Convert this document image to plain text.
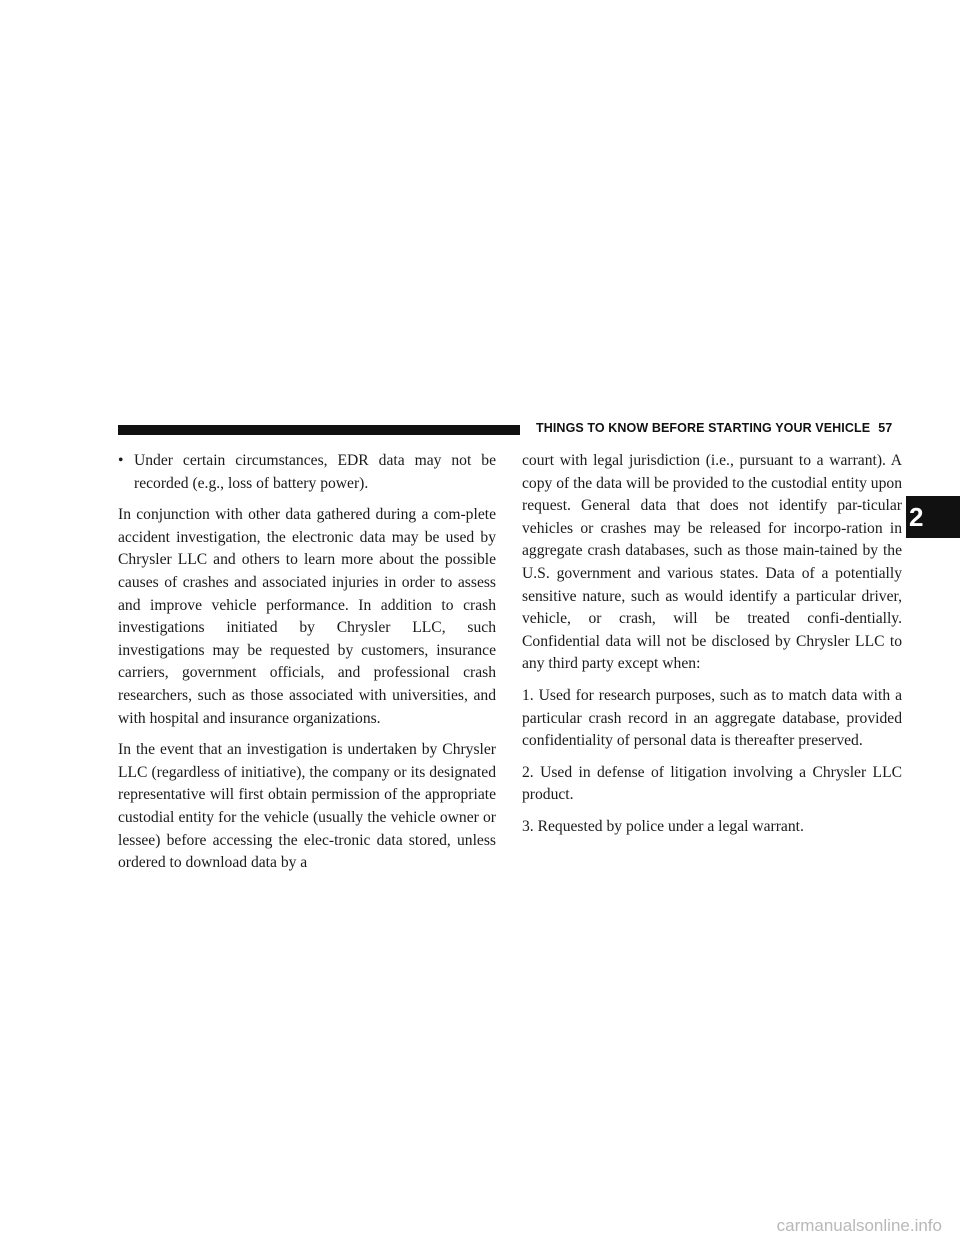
THINGS TO KNOW BEFORE STARTING YOUR VEHICLE 57
2
• Under certain circumstances, EDR data may not be recorded (e.g., loss of battery power).

In conjunction with other data gathered during a com-plete accident investigation, the electronic data may be used by Chrysler LLC and others to learn more about the possible causes of crashes and associated injuries in order to assess and improve vehicle performance. In addition to crash investigations initiated by Chrysler LLC, such investigations may be requested by customers, insurance carriers, government officials, and professional crash researchers, such as those associated with universities, and with hospital and insurance organizations.

In the event that an investigation is undertaken by Chrysler LLC (regardless of initiative), the company or its designated representative will first obtain permission of the appropriate custodial entity for the vehicle (usually the vehicle owner or lessee) before accessing the elec-tronic data stored, unless ordered to download data by a

court with legal jurisdiction (i.e., pursuant to a warrant). A copy of the data will be provided to the custodial entity upon request. General data that does not identify par-ticular vehicles or crashes may be released for incorpo-ration in aggregate crash databases, such as those main-tained by the U.S. government and various states. Data of a potentially sensitive nature, such as would identify a particular driver, vehicle, or crash, will be treated confi-dentially. Confidential data will not be disclosed by Chrysler LLC to any third party except when:

1. Used for research purposes, such as to match data with a particular crash record in an aggregate database, provided confidentiality of personal data is thereafter preserved.

2. Used in defense of litigation involving a Chrysler LLC product.

3. Requested by police under a legal warrant.

carmanualsonline.info
